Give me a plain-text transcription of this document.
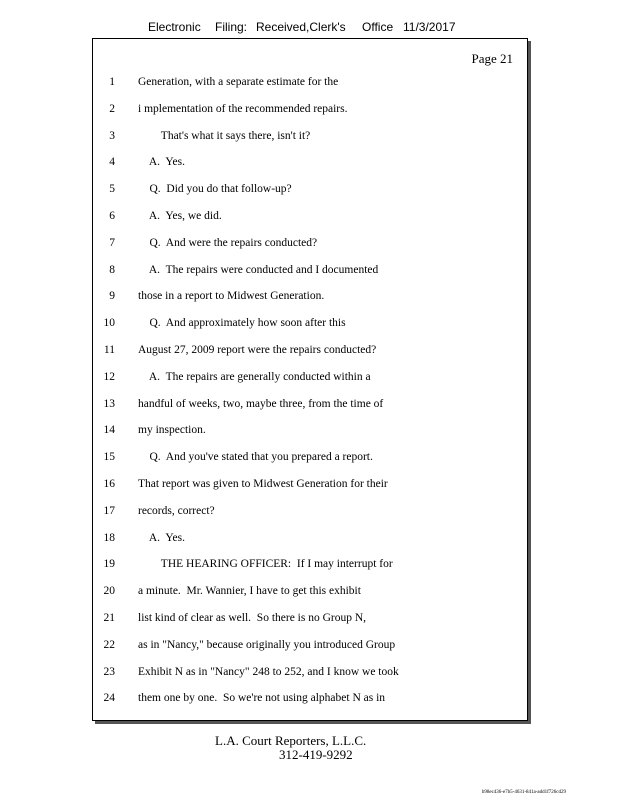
Electronic Filing: Received,Clerk's Office 11/3/2017
Page 21
1 Generation, with a separate estimate for the
2 i mplementation of the recommended repairs.
3 That's what it says there, isn't it?
4 A.  Yes.
5 Q.  Did you do that follow-up?
6 A.  Yes, we did.
7 Q.  And were the repairs conducted?
8 A.  The repairs were conducted and I documented
9 those in a report to Midwest Generation.
10 Q.  And approximately how soon after this
11 August 27, 2009 report were the repairs conducted?
12 A.  The repairs are generally conducted within a
13 handful of weeks, two, maybe three, from the time of
14 my inspection.
15 Q.  And you've stated that you prepared a report.
16 That report was given to Midwest Generation for their
17 records, correct?
18 A.  Yes.
19 THE HEARING OFFICER:  If I may interrupt for
20 a minute.  Mr. Wannier, I have to get this exhibit
21 list kind of clear as well.  So there is no Group N,
22 as in "Nancy," because originally you introduced Group
23 Exhibit N as in "Nancy" 248 to 252, and I know we took
24 them one by one.  So we're not using alphabet N as in
L.A. Court Reporters, L.L.C.
312-419-9292
b98ec436-e7b5-4631-841a-add1f726cd29
